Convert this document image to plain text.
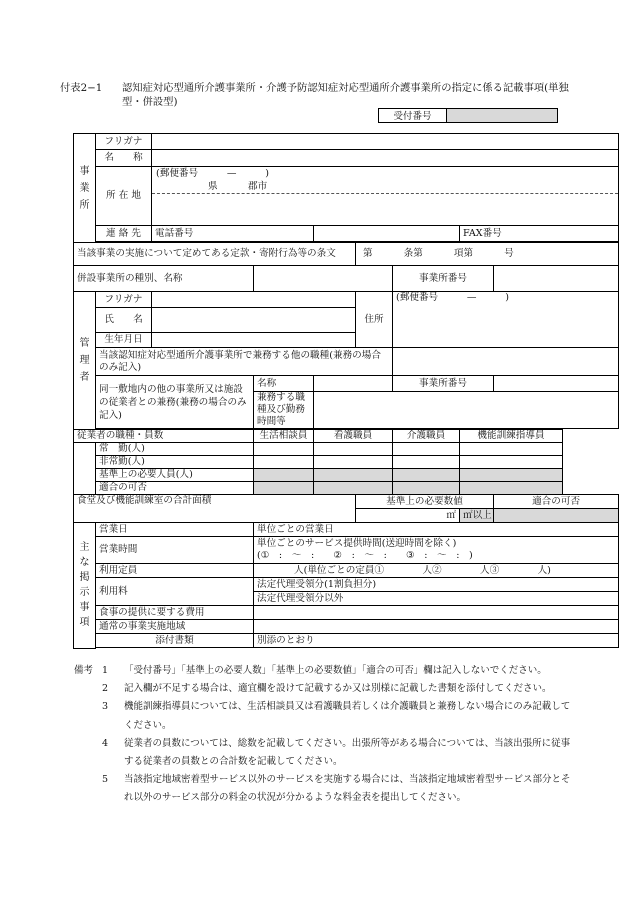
付表2−1 認知症対応型通所介護事業所・介護予防認知症対応型通所介護事業所の指定に係る記載事項(単独型・併設型)
受付番号
事業所	フリガナ								
	名　　称								
	所 在 地	(郵便番号　　　—　　　)
県 郡市							

	連 絡 先	電話番号					FAX番号		

当該事業の実施について定めてある定款・寄附行為等の条文					第 条第 項第 号				
併設事業所の種別、名称						事業所番号			
管理者	フリガナ				住所	(郵便番号　　　—　　　)			
	氏　　名								
	生年月日								
	当該認知症対応型通所介護事業所で兼務する他の職種(兼務の場合のみ記入)								
	同一敷地内の他の事業所又は施設の従業者との兼務(兼務の場合のみ記入)		名称			事業所番号			
			兼務する職種及び勤務時間等						

従業者の職種・員数			生活相談員	看護職員		介護職員	機能訓練指導員		
	常　勤(人)								
	非常勤(人)								
	基準上の必要人員(人)								
	適合の可否								
食堂及び機能訓練室の合計面積					基準上の必要数値			適合の可否	
					㎡		㎡以上		
主な掲示事項	営業日		単位ごとの営業日						
	営業時間		単位ごとのサービス提供時間(送迎時間を除く)
(①　:　〜　:　　②　:　〜　:　　③　:　〜　:　)						

	利用定員		人(単位ごとの定員①　　　　人②　　　　人③　　　　人)						
	利用料		法定代理受領分(1割負担分)						
			法定代理受領分以外						
	食事の提供に要する費用								
	通常の事業実施地域								
	添付書類		別添のとおり						

備考 1 「受付番号」「基準上の必要人数」「基準上の必要数値」「適合の可否」欄は記入しないでください。
2 記入欄が不足する場合は、適宜欄を設けて記載するか又は別様に記載した書類を添付してください。
3 機能訓練指導員については、生活相談員又は看護職員若しくは介護職員と兼務しない場合にのみ記載してください。
4 従業者の員数については、総数を記載してください。出張所等がある場合については、当該出張所に従事する従業者の員数との合計数を記載してください。
5 当該指定地域密着型サービス以外のサービスを実施する場合には、当該指定地域密着型サービス部分とそれ以外のサービス部分の料金の状況が分かるような料金表を提出してください。
